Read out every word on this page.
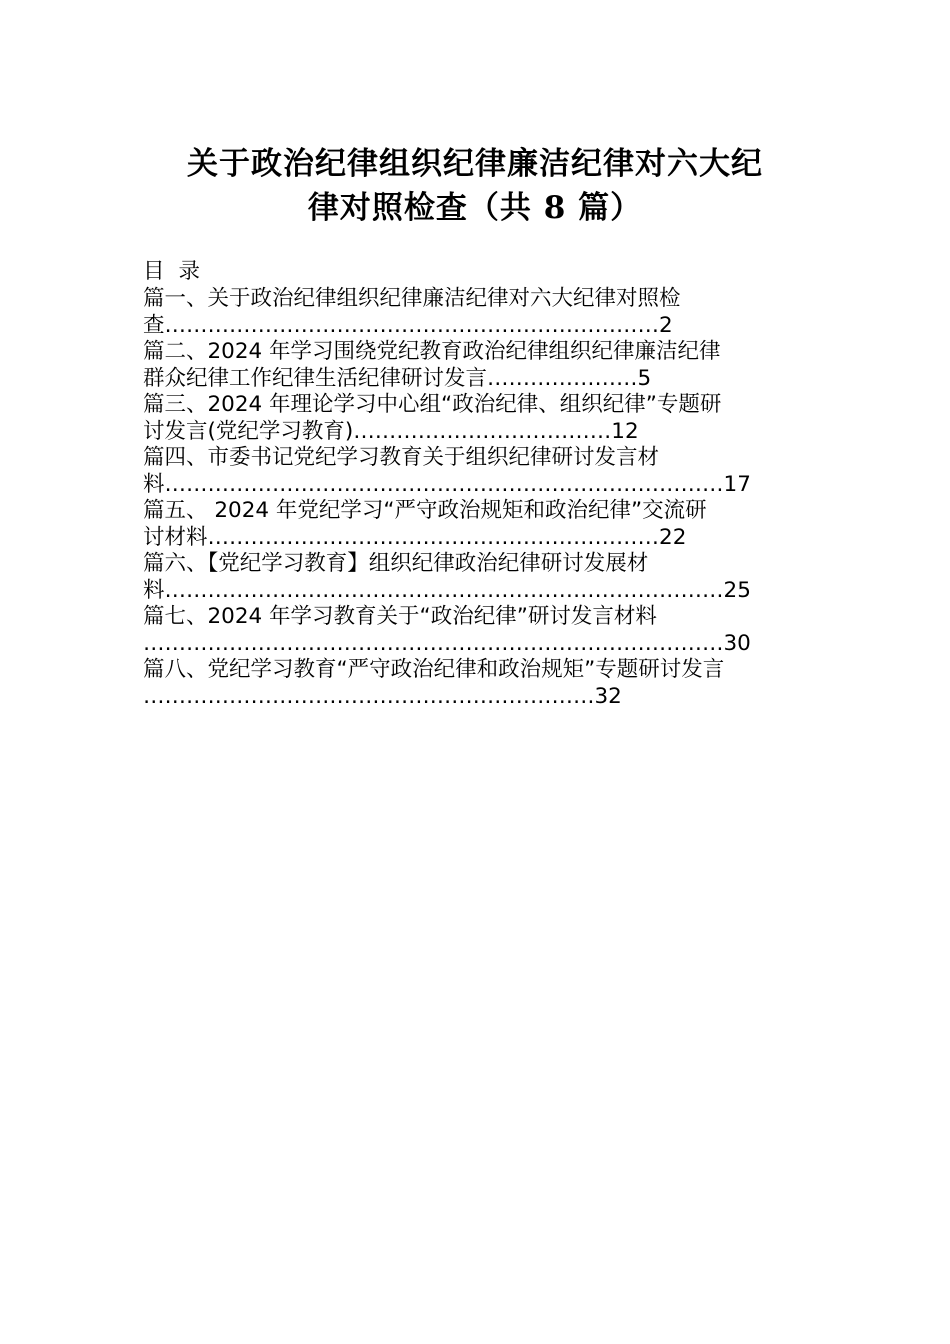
关于政治纪律组织纪律廉洁纪律对六大纪
律对照检查（共 8 篇）
目录
篇一、关于政治纪律组织纪律廉洁纪律对六大纪律对照检
查 …………………………………………………………… 2
篇二、2024 年学习围绕党纪教育政治纪律组织纪律廉洁纪律
群众纪律工作纪律生活纪律研讨发言 ………………… 5
篇三、2024 年理论学习中心组“政治纪律、组织纪律”专题研
讨发言(党纪学习教育) ……………………………… 12
篇四、市委书记党纪学习教育关于组织纪律研讨发言材
料 …………………………………………………………………… 17
篇五、 2024 年党纪学习“严守政治规矩和政治纪律”交流研
讨材料 ……………………………………………………… 22
篇六、【党纪学习教育】组织纪律政治纪律研讨发展材
料 …………………………………………………………………… 25
篇七、2024 年学习教育关于“政治纪律”研讨发言材料
……………………………………………………………………… 30
篇八、党纪学习教育“严守政治纪律和政治规矩”专题研讨发言
……………………………………………………… 32
